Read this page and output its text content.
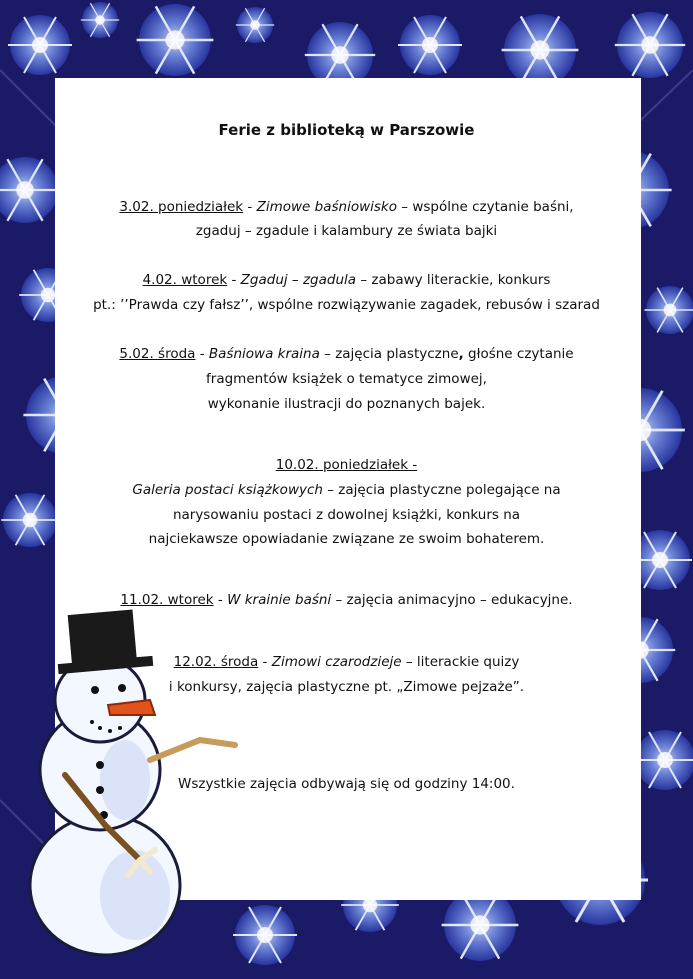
Ferie z biblioteką w Parszowie
3.02. poniedziałek - Zimowe baśniowisko – wspólne czytanie baśni,
zgaduj – zgadule i kalambury ze świata bajki
4.02. wtorek - Zgaduj – zgadula – zabawy literackie, konkurs
pt.: ’’Prawda czy fałsz’’, wspólne rozwiązywanie zagadek, rebusów i szarad
5.02. środa - Baśniowa kraina – zajęcia plastyczne, głośne czytanie
fragmentów książek o tematyce zimowej,
wykonanie ilustracji do poznanych bajek.
10.02. poniedziałek -
Galeria postaci książkowych – zajęcia plastyczne polegające na
narysowaniu postaci z dowolnej książki, konkurs na
najciekawsze opowiadanie związane ze swoim bohaterem.
11.02. wtorek - W krainie baśni – zajęcia animacyjno – edukacyjne.
12.02. środa - Zimowi czarodzieje – literackie quizy
i konkursy, zajęcia plastyczne pt. „Zimowe pejzaże”.
Wszystkie zajęcia odbywają się od godziny 14:00.
